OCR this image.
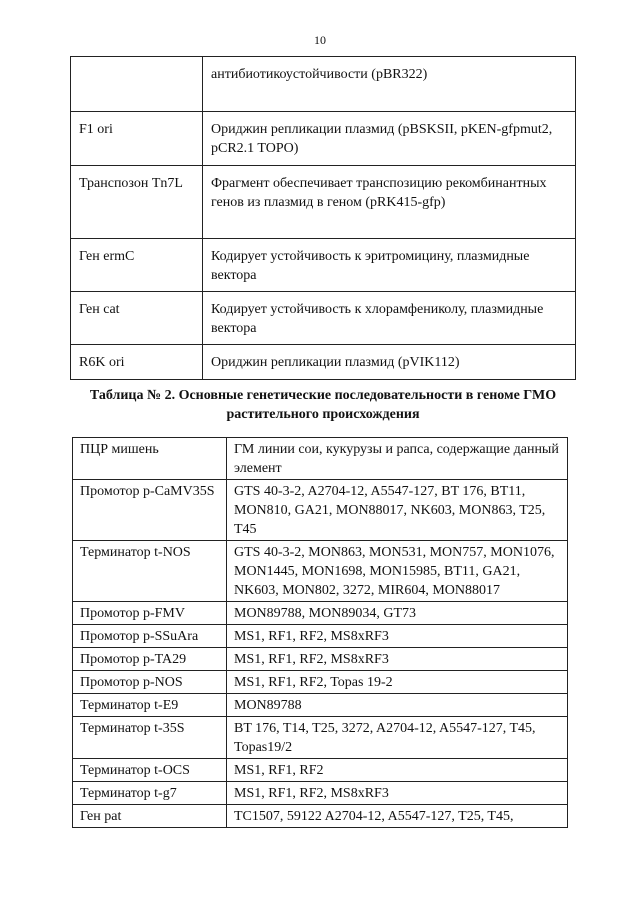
10
	антибиотикоустойчивости (pBR322)
F1 ori	Ориджин репликации плазмид (pBSKSII, pKEN-gfpmut2, pCR2.1 TOPO)
Транспозон Tn7L	Фрагмент обеспечивает транспозицию рекомбинантных генов из плазмид в геном (pRK415-gfp)
Ген ermC	Кодирует устойчивость к эритромицину, плазмидные вектора
Ген cat	Кодирует устойчивость к хлорамфениколу, плазмидные вектора
R6K ori	Ориджин репликации плазмид (pVIK112)
Таблица № 2. Основные генетические последовательности в геноме ГМО растительного происхождения
ПЦР мишень	ГМ линии сои, кукурузы и рапса, содержащие данный элемент
Промотор p-CaMV35S	GTS 40-3-2, A2704-12, A5547-127, BT 176, BT11, MON810, GA21, MON88017, NK603, MON863, T25, T45
Терминатор t-NOS	GTS 40-3-2, MON863, MON531, MON757, MON1076, MON1445, MON1698, MON15985, BT11, GA21, NK603, MON802, 3272, MIR604, MON88017
Промотор p-FMV	MON89788, MON89034, GT73
Промотор p-SSuAra	MS1, RF1, RF2, MS8xRF3
Промотор p-TA29	MS1, RF1, RF2, MS8xRF3
Промотор p-NOS	MS1, RF1, RF2, Topas 19-2
Терминатор t-E9	MON89788
Терминатор t-35S	BT 176, T14, T25, 3272, A2704-12, A5547-127, T45, Topas19/2
Терминатор t-OCS	MS1, RF1, RF2
Терминатор t-g7	MS1, RF1, RF2, MS8xRF3
Ген pat	TC1507, 59122 A2704-12, A5547-127, T25, T45,
